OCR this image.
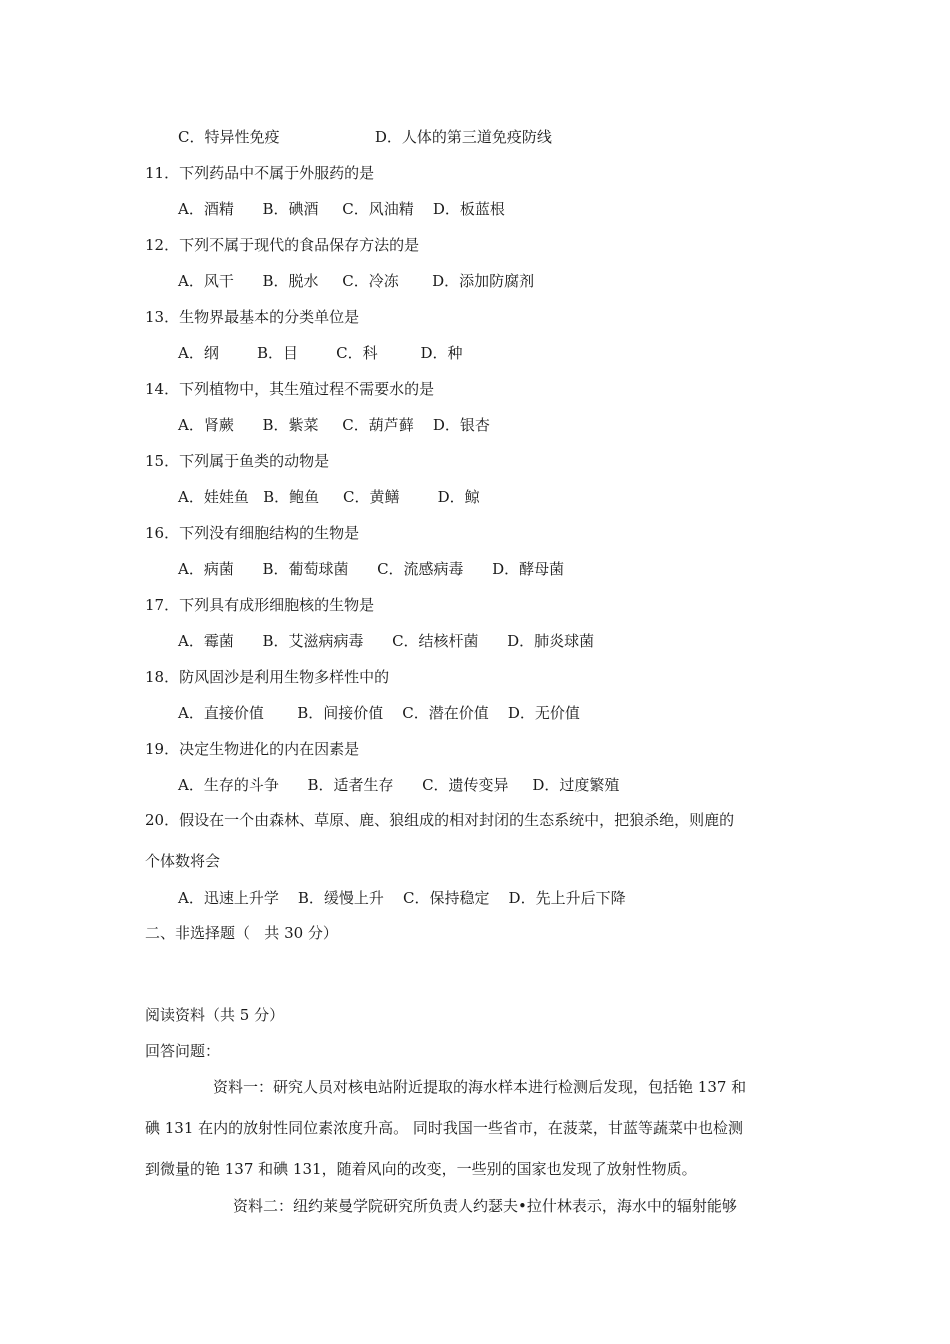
C．特异性免疫                    D．人体的第三道免疫防线
11．下列药品中不属于外服药的是
A．酒精      B．碘酒     C．风油精    D．板蓝根
12．下列不属于现代的食品保存方法的是
A．风干      B．脱水     C．冷冻       D．添加防腐剂
13．生物界最基本的分类单位是
A．纲        B．目        C．科         D．种
14．下列植物中，其生殖过程不需要水的是
A．肾蕨      B．紫菜     C．葫芦藓    D．银杏
15．下列属于鱼类的动物是
A．娃娃鱼   B．鲍鱼     C．黄鳝        D．鲸
16．下列没有细胞结构的生物是
A．病菌      B．葡萄球菌      C．流感病毒      D．酵母菌
17．下列具有成形细胞核的生物是
A．霉菌      B．艾滋病病毒      C．结核杆菌      D．肺炎球菌
18．防风固沙是利用生物多样性中的
A．直接价值       B．间接价值    C．潜在价值    D．无价值
19．决定生物进化的内在因素是
A．生存的斗争      B．适者生存      C．遗传变异     D．过度繁殖
20．假设在一个由森林、草原、鹿、狼组成的相对封闭的生态系统中，把狼杀绝，则鹿的
个体数将会
A．迅速上升学    B．缓慢上升    C．保持稳定    D．先上升后下降
二、非选择题（   共 30 分）
阅读资料（共 5 分）
回答问题：
资料一：研究人员对核电站附近提取的海水样本进行检测后发现，包括铯 137 和
碘 131 在内的放射性同位素浓度升高。 同时我国一些省市，在菠菜，甘蓝等蔬菜中也检测
到微量的铯 137 和碘 131，随着风向的改变，一些别的国家也发现了放射性物质。
资料二：纽约莱曼学院研究所负责人约瑟夫•拉什林表示，海水中的辐射能够
